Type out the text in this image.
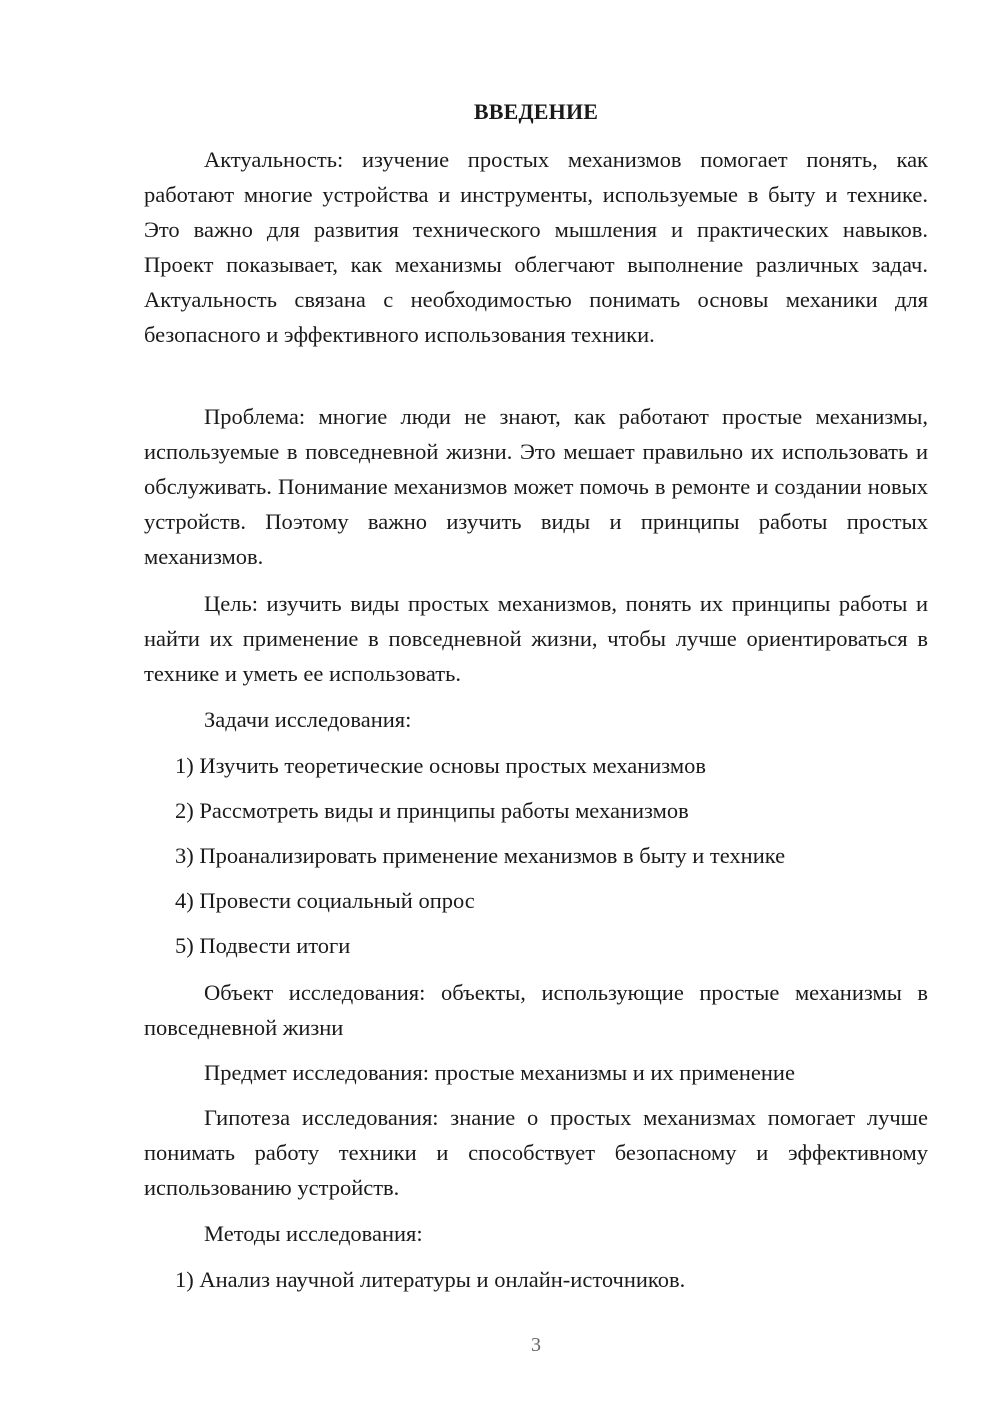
ВВЕДЕНИЕ

Актуальность: изучение простых механизмов помогает понять, как работают многие устройства и инструменты, используемые в быту и технике. Это важно для развития технического мышления и практических навыков. Проект показывает, как механизмы облегчают выполнение различных задач. Актуальность связана с необходимостью понимать основы механики для безопасного и эффективного использования техники.

Проблема: многие люди не знают, как работают простые механизмы, используемые в повседневной жизни. Это мешает правильно их использовать и обслуживать. Понимание механизмов может помочь в ремонте и создании новых устройств. Поэтому важно изучить виды и принципы работы простых механизмов.

Цель: изучить виды простых механизмов, понять их принципы работы и найти их применение в повседневной жизни, чтобы лучше ориентироваться в технике и уметь ее использовать.

Задачи исследования:

1) Изучить теоретические основы простых механизмов

2) Рассмотреть виды и принципы работы механизмов

3) Проанализировать применение механизмов в быту и технике

4) Провести социальный опрос

5) Подвести итоги

Объект исследования: объекты, использующие простые механизмы в повседневной жизни

Предмет исследования: простые механизмы и их применение

Гипотеза исследования: знание о простых механизмах помогает лучше понимать работу техники и способствует безопасному и эффективному использованию устройств.

Методы исследования:

1) Анализ научной литературы и онлайн-источников.

3
